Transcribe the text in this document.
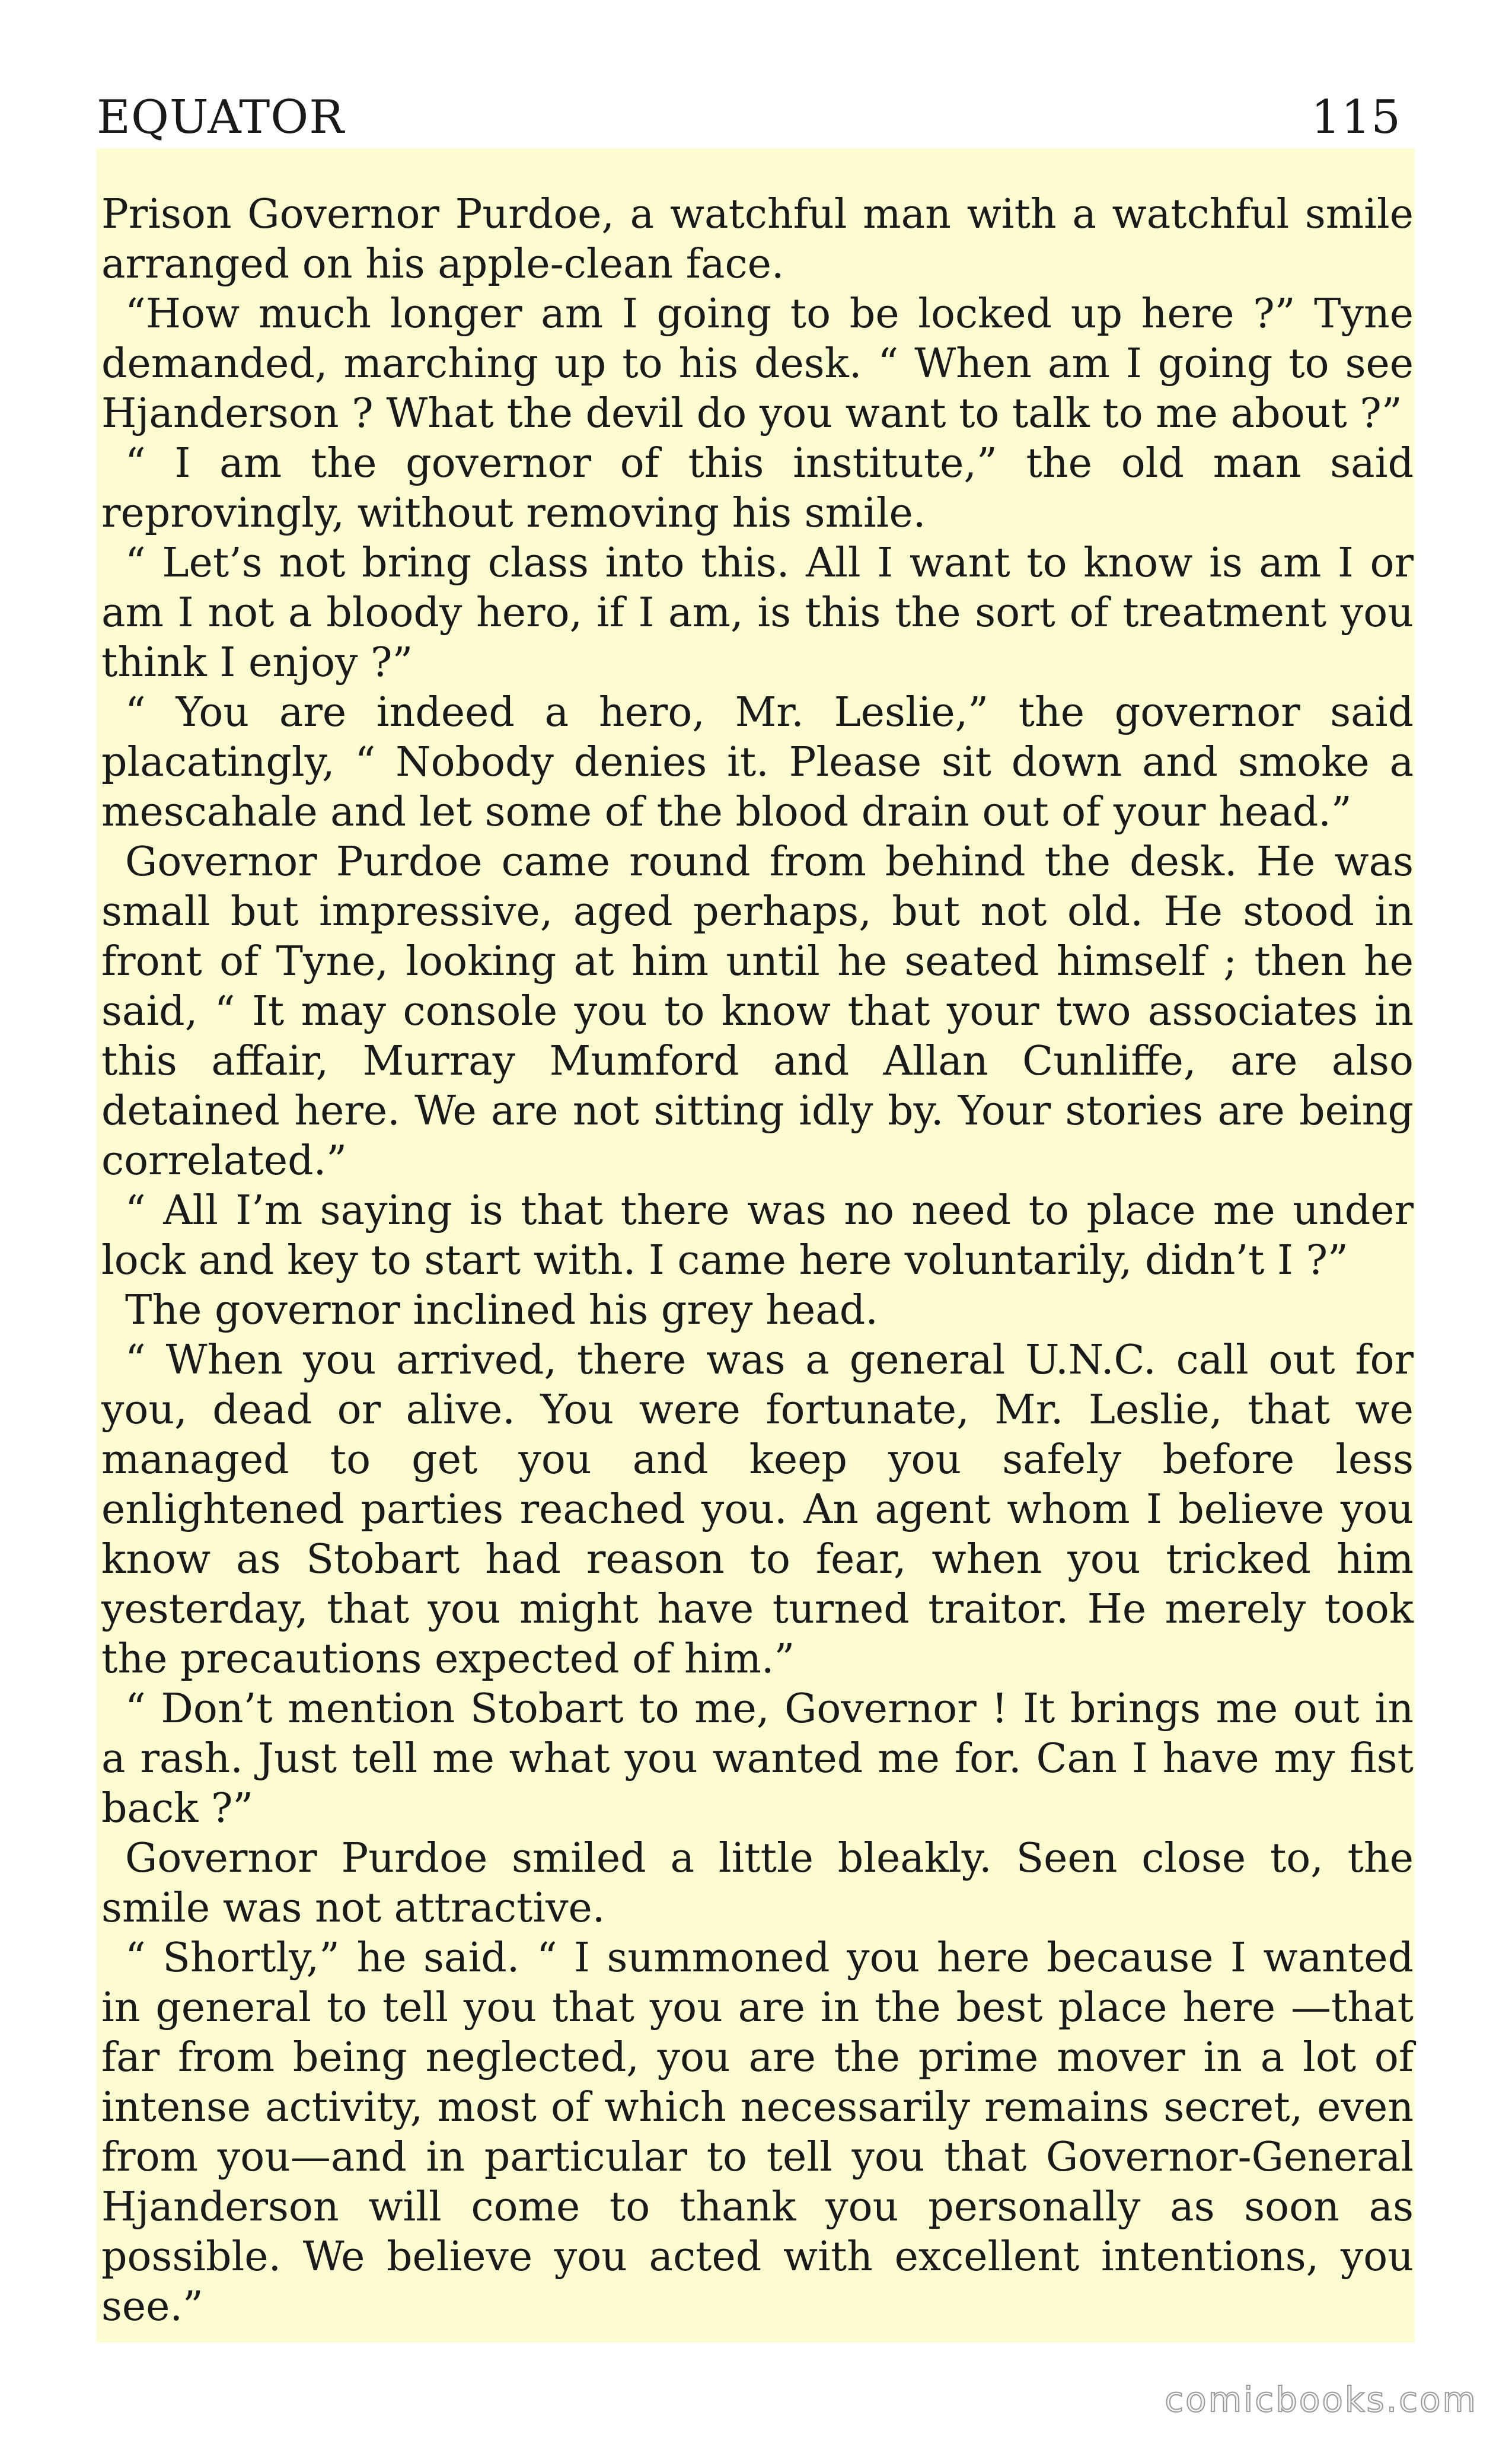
EQUATOR	115

Prison Governor Purdoe, a watchful man with a watchful smile arranged on his apple-clean face.

“How much longer am I going to be locked up here ?” Tyne demanded, marching up to his desk. “ When am I going to see Hjanderson ? What the devil do you want to talk to me about ?”

“ I am the governor of this institute,” the old man said reprovingly, without removing his smile.

“ Let’s not bring class into this. All I want to know is am I or am I not a bloody hero, if I am, is this the sort of treatment you think I enjoy ?”

“ You are indeed a hero, Mr. Leslie,” the governor said placatingly, “ Nobody denies it. Please sit down and smoke a mescahale and let some of the blood drain out of your head.”

Governor Purdoe came round from behind the desk. He was small but impressive, aged perhaps, but not old. He stood in front of Tyne, looking at him until he seated himself ; then he said, “ It may console you to know that your two associates in this affair, Murray Mumford and Allan Cunliffe, are also detained here. We are not sitting idly by. Your stories are being correlated.”

“ All I’m saying is that there was no need to place me under lock and key to start with. I came here voluntarily, didn’t I ?”

The governor inclined his grey head.

“ When you arrived, there was a general U.N.C. call out for you, dead or alive. You were fortunate, Mr. Leslie, that we managed to get you and keep you safely before less enlightened parties reached you. An agent whom I believe you know as Stobart had reason to fear, when you tricked him yesterday, that you might have turned traitor. He merely took the precautions expected of him.”

“ Don’t mention Stobart to me, Governor ! It brings me out in a rash. Just tell me what you wanted me for. Can I have my fist back ?”

Governor Purdoe smiled a little bleakly. Seen close to, the smile was not attractive.

“ Shortly,” he said. “ I summoned you here because I wanted in general to tell you that you are in the best place here —that far from being neglected, you are the prime mover in a lot of intense activity, most of which necessarily remains secret, even from you—and in particular to tell you that Governor-General Hjanderson will come to thank you personally as soon as possible. We believe you acted with excellent intentions, you see.”

comicbooks.com
